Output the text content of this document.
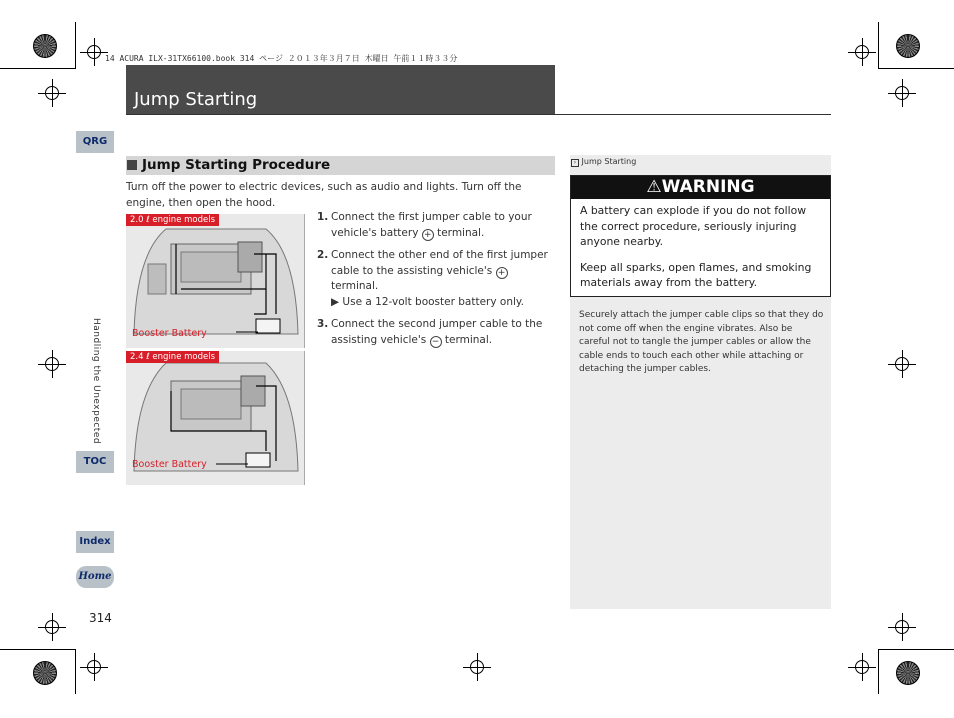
14 ACURA ILX-31TX66100.book 314 ページ ２０１３年３月７日 木曜日 午前１１時３３分
Jump Starting
QRG
Handling the Unexpected
TOC
Index
Home
Jump Starting Procedure
Turn off the power to electric devices, such as audio and lights. Turn off the engine, then open the hood.
2.0 ℓ engine models
Booster Battery
2.4 ℓ engine models
Booster Battery
1. Connect the first jumper cable to your vehicle's battery + terminal.
2. Connect the other end of the first jumper cable to the assisting vehicle's + terminal.
▶ Use a 12-volt booster battery only.
3. Connect the second jumper cable to the assisting vehicle's − terminal.
› Jump Starting
⚠WARNING

A battery can explode if you do not follow the correct procedure, seriously injuring anyone nearby.

Keep all sparks, open flames, and smoking materials away from the battery.

Securely attach the jumper cable clips so that they do not come off when the engine vibrates. Also be careful not to tangle the jumper cables or allow the cable ends to touch each other while attaching or detaching the jumper cables.
314
